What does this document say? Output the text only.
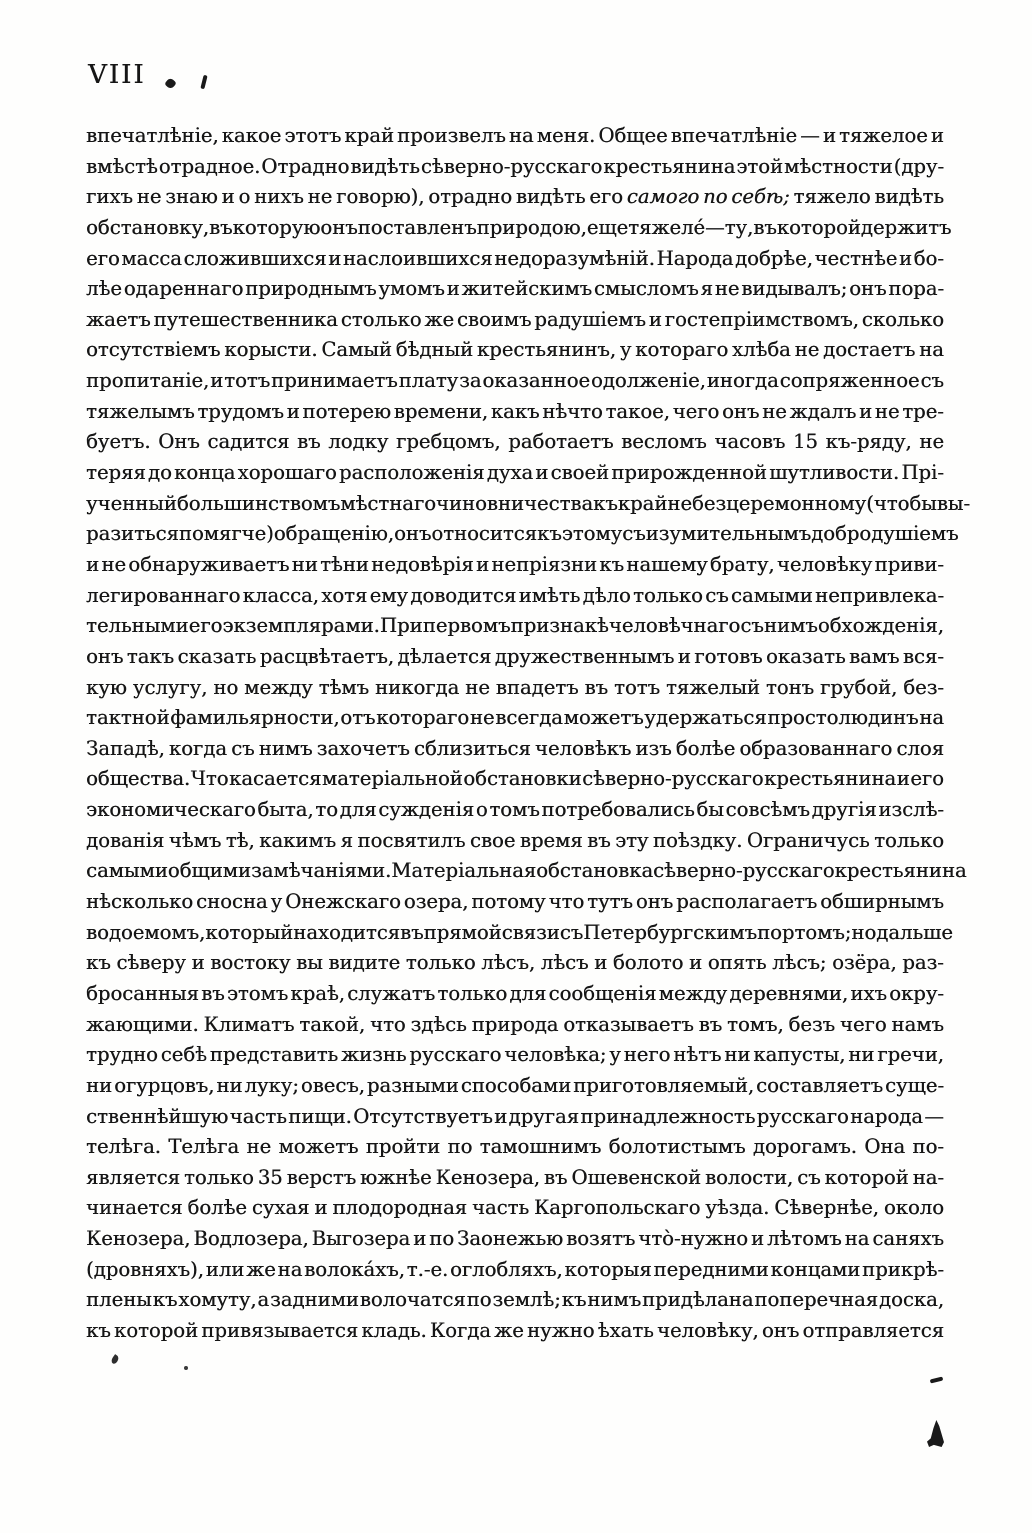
VIII
впечатлѣніе, какое этотъ край произвелъ на меня. Общее впечатлѣніе — и тяжелое и
вмѣстѣ отрадное. Отрадно видѣть сѣверно-русскаго крестьянина этой мѣстности (дру-
гихъ не знаю и о нихъ не говорю), отрадно видѣть его самого по себѣ; тяжело видѣть
обстановку, въ которую онъ поставленъ природою, еще тяжеле́—ту, въ которой держитъ
его масса сложившихся и наслоившихся недоразумѣній. Народа добрѣе, честнѣе и бо-
лѣе одареннаго природнымъ умомъ и житейскимъ смысломъ я не видывалъ; онъ пора-
жаетъ путешественника столько же своимъ радушіемъ и гостепріимствомъ, сколько
отсутствіемъ корысти. Самый бѣдный крестьянинъ, у котораго хлѣба не достаетъ на
пропитаніе, и тотъ принимаетъ плату за оказанное одолженіе, иногда сопряженное съ
тяжелымъ трудомъ и потерею времени, какъ нѣчто такое, чего онъ не ждалъ и не тре-
буетъ. Онъ садится въ лодку гребцомъ, работаетъ весломъ часовъ 15 къ-ряду, не
теряя до конца хорошаго расположенія духа и своей прирожденной шутливости. Прі-
ученный большинствомъ мѣстнаго чиновничества къ крайне безцеремонному (чтобы вы-
разиться помягче) обращенію, онъ относится къ этому съ изумительнымъ добродушіемъ
и не обнаруживаетъ ни тѣни недовѣрія и непріязни къ нашему брату, человѣку приви-
легированнаго класса, хотя ему доводится имѣть дѣло только съ самыми непривлека-
тельными его экземплярами. При первомъ признакѣ человѣчнаго съ нимъ обхожденія,
онъ такъ сказать расцвѣтаетъ, дѣлается дружественнымъ и готовъ оказать вамъ вся-
кую услугу, но между тѣмъ никогда не впадетъ въ тотъ тяжелый тонъ грубой, без-
тактной фамильярности, отъ котораго не всегда можетъ удержаться простолюдинъ на
Западѣ, когда съ нимъ захочетъ сблизиться человѣкъ изъ болѣе образованнаго слоя
общества. Что касается матеріальной обстановки сѣверно-русскаго крестьянина и его
экономическаго быта, то для сужденія о томъ потребовались бы совсѣмъ другія изслѣ-
дованія чѣмъ тѣ, какимъ я посвятилъ свое время въ эту поѣздку. Ограничусь только
самыми общими замѣчаніями. Матеріальная обстановка сѣверно-русскаго крестьянина
нѣсколько сносна у Онежскаго озера, потому что тутъ онъ располагаетъ обширнымъ
водоемомъ, который находится въ прямой связи съ Петербургскимъ портомъ; но дальше
къ сѣверу и востоку вы видите только лѣсъ, лѣсъ и болото и опять лѣсъ; озёра, раз-
бросанныя въ этомъ краѣ, служатъ только для сообщенія между деревнями, ихъ окру-
жающими. Климатъ такой, что здѣсь природа отказываетъ въ томъ, безъ чего намъ
трудно себѣ представить жизнь русскаго человѣка; у него нѣтъ ни капусты, ни гречи,
ни огурцовъ, ни луку; овесъ, разными способами приготовляемый, составляетъ суще-
ственнѣйшую часть пищи. Отсутствуетъ и другая принадлежность русскаго народа —
телѣга. Телѣга не можетъ пройти по тамошнимъ болотистымъ дорогамъ. Она по-
является только 35 верстъ южнѣе Кенозера, въ Ошевенской волости, съ которой на-
чинается болѣе сухая и плодородная часть Каргопольскаго уѣзда. Сѣвернѣе, около
Кенозера, Водлозера, Выгозера и по Заонежью возятъ что̀-нужно и лѣтомъ на саняхъ
(дровняхъ), или же на волока́хъ, т.-е. оглобляхъ, которыя передними концами прикрѣ-
плены къ хомуту, а задними волочатся по землѣ; къ нимъ придѣлана поперечная доска,
къ которой привязывается кладь. Когда же нужно ѣхать человѣку, онъ отправляется
